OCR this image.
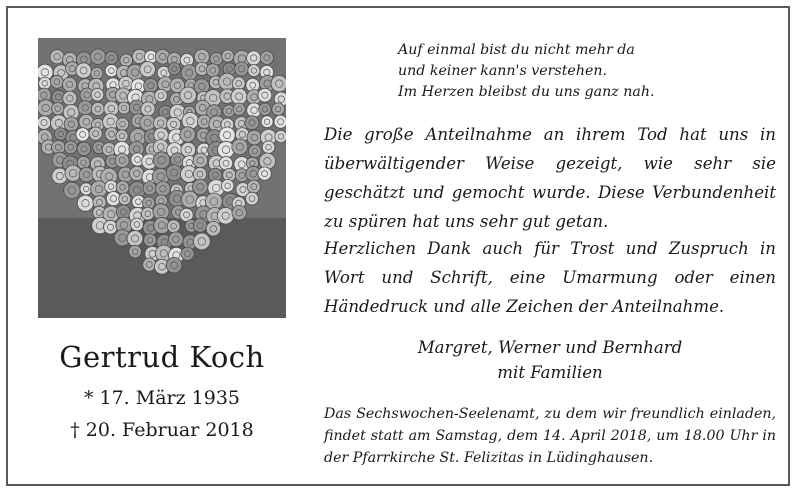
Gertrud Koch
* 17. März 1935
† 20. Februar 2018
Auf einmal bist du nicht mehr da
und keiner kann's verstehen.
Im Herzen bleibst du uns ganz nah.
Die große Anteilnahme an ihrem Tod hat uns in überwältigender Weise gezeigt, wie sehr sie geschätzt und gemocht wurde. Diese Verbundenheit zu spüren hat uns sehr gut getan.
Herzlichen Dank auch für Trost und Zuspruch in Wort und Schrift, eine Umarmung oder einen Händedruck und alle Zeichen der Anteilnahme.
Margret, Werner und Bernhard
mit Familien
Das Sechswochen-Seelenamt, zu dem wir freundlich einladen, findet statt am Samstag, dem 14. April 2018, um 18.00 Uhr in der Pfarrkirche St. Felizitas in Lüdinghausen.
